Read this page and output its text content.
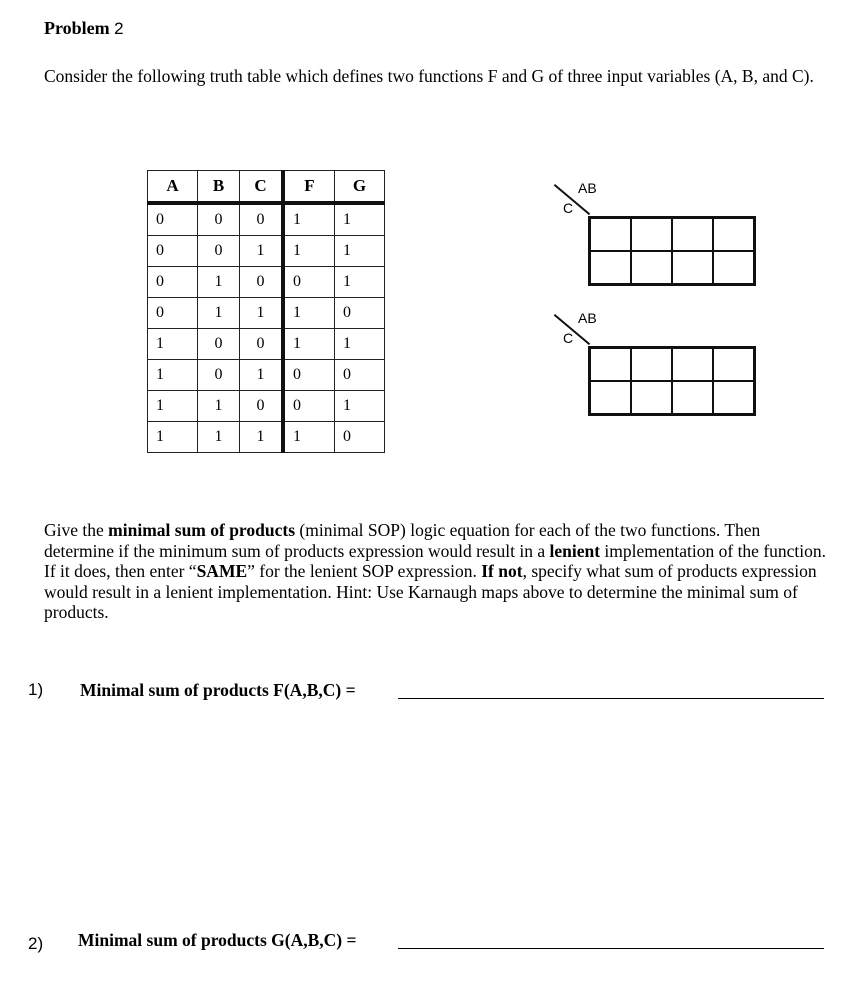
Problem 2
Consider the following truth table which defines two functions F and G of three input variables (A, B, and C).
A	B	C	F	G
0	0	0	1	1
0	0	1	1	1
0	1	0	0	1
0	1	1	1	0
1	0	0	1	1
1	0	1	0	0
1	1	0	0	1
1	1	1	1	0
AB
C
AB
C
Give the minimal sum of products (minimal SOP) logic equation for each of the two functions. Then determine if the minimum sum of products expression would result in a lenient implementation of the function. If it does, then enter “SAME” for the lenient SOP expression. If not, specify what sum of products expression would result in a lenient implementation. Hint: Use Karnaugh maps above to determine the minimal sum of products.
1) Minimal sum of products F(A,B,C) =
2) Minimal sum of products G(A,B,C) =
